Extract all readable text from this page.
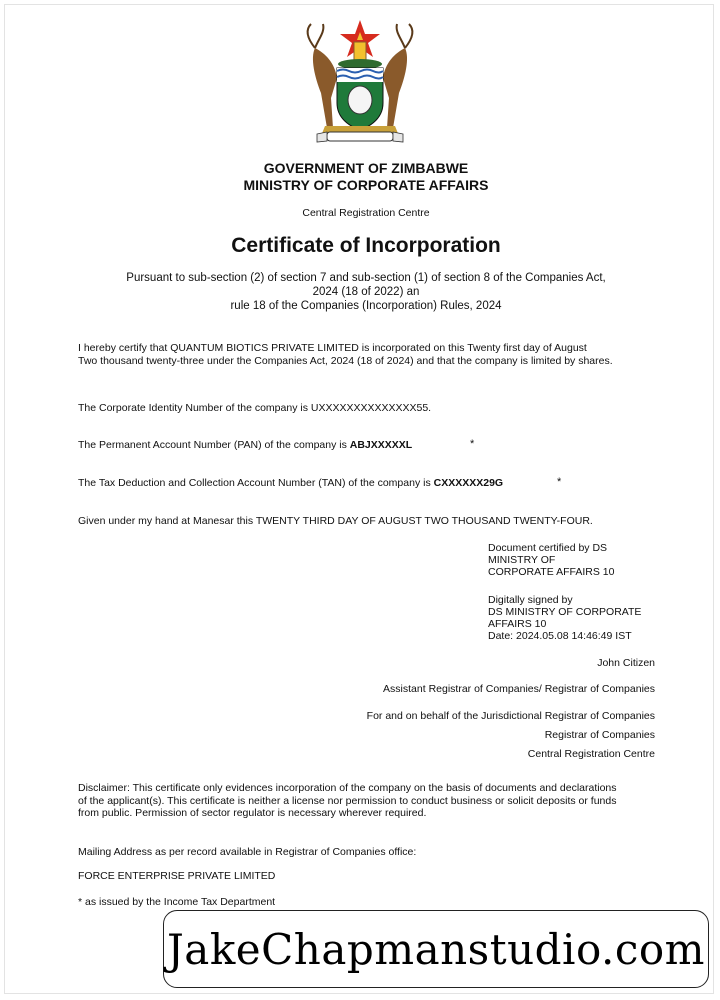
GOVERNMENT OF ZIMBABWE
MINISTRY OF CORPORATE AFFAIRS
Central Registration Centre
Certificate of Incorporation
Pursuant to sub-section (2) of section 7 and sub-section (1) of section 8 of the Companies Act,
2024 (18 of 2022) an
rule 18 of the Companies (Incorporation) Rules, 2024
I hereby certify that QUANTUM BIOTICS PRIVATE LIMITED is incorporated on this Twenty first day of August
Two thousand twenty-three under the Companies Act, 2024 (18 of 2024) and that the company is limited by shares.
The Corporate Identity Number of the company is UXXXXXXXXXXXXXX55.
The Permanent Account Number (PAN) of the company is ABJXXXXXL	*
The Tax Deduction and Collection Account Number (TAN) of the company is CXXXXXX29G	*
Given under my hand at Manesar this TWENTY THIRD DAY OF AUGUST TWO THOUSAND TWENTY-FOUR.
Document certified by DS
MINISTRY OF
CORPORATE AFFAIRS 10
Digitally signed by
DS MINISTRY OF CORPORATE
AFFAIRS 10
Date: 2024.05.08 14:46:49 IST
John Citizen
Assistant Registrar of Companies/ Registrar of Companies
For and on behalf of the Jurisdictional Registrar of Companies
Registrar of Companies
Central Registration Centre
Disclaimer: This certificate only evidences incorporation of the company on the basis of documents and declarations
of the applicant(s). This certificate is neither a license nor permission to conduct business or solicit deposits or funds
from public. Permission of sector regulator is necessary wherever required.
Mailing Address as per record available in Registrar of Companies office:
FORCE ENTERPRISE PRIVATE LIMITED
* as issued by the Income Tax Department
JakeChapmanstudio.com
